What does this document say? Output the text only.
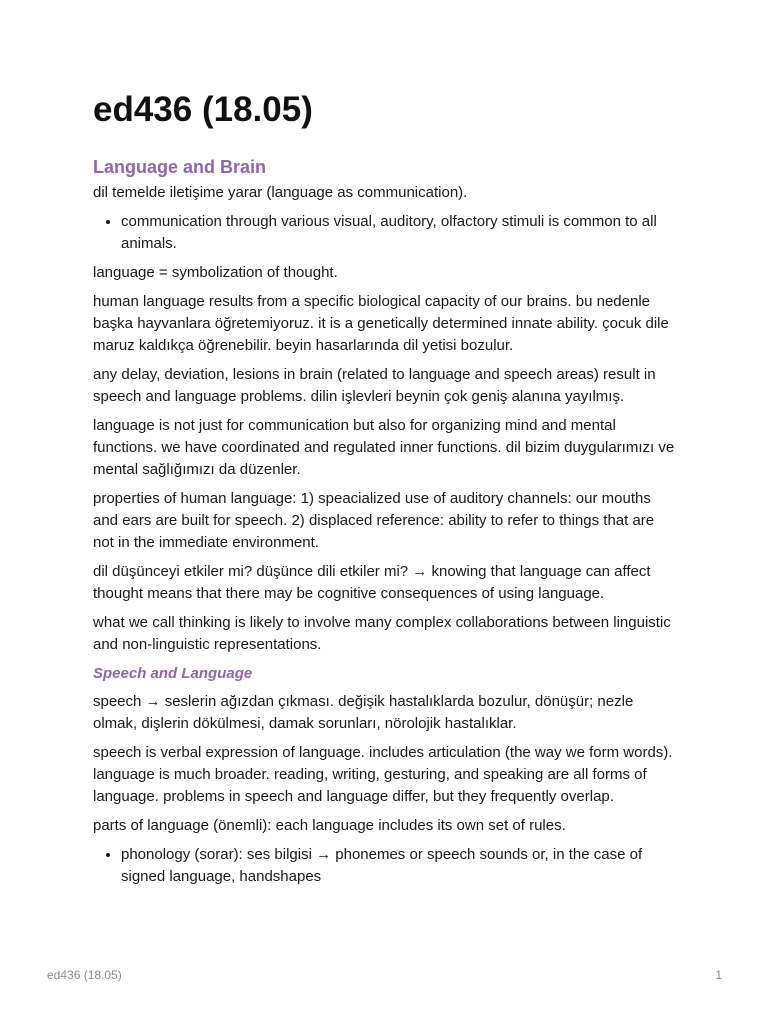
ed436 (18.05)
Language and Brain

dil temelde iletişime yarar (language as communication).

• communication through various visual, auditory, olfactory stimuli is common to all animals.

language = symbolization of thought.

human language results from a specific biological capacity of our brains. bu nedenle başka hayvanlara öğretemiyoruz. it is a genetically determined innate ability. çocuk dile maruz kaldıkça öğrenebilir. beyin hasarlarında dil yetisi bozulur.

any delay, deviation, lesions in brain (related to language and speech areas) result in speech and language problems. dilin işlevleri beynin çok geniş alanına yayılmış.

language is not just for communication but also for organizing mind and mental functions. we have coordinated and regulated inner functions. dil bizim duygularımızı ve mental sağlığımızı da düzenler.

properties of human language: 1) speacialized use of auditory channels: our mouths and ears are built for speech. 2) displaced reference: ability to refer to things that are not in the immediate environment.

dil düşünceyi etkiler mi? düşünce dili etkiler mi? → knowing that language can affect thought means that there may be cognitive consequences of using language.

what we call thinking is likely to involve many complex collaborations between linguistic and non-linguistic representations.

Speech and Language

speech → seslerin ağızdan çıkması. değişik hastalıklarda bozulur, dönüşür; nezle olmak, dişlerin dökülmesi, damak sorunları, nörolojik hastalıklar.

speech is verbal expression of language. includes articulation (the way we form words). language is much broader. reading, writing, gesturing, and speaking are all forms of language. problems in speech and language differ, but they frequently overlap.

parts of language (önemli): each language includes its own set of rules.

• phonology (sorar): ses bilgisi → phonemes or speech sounds or, in the case of signed language, handshapes
ed436 (18.05)	1
